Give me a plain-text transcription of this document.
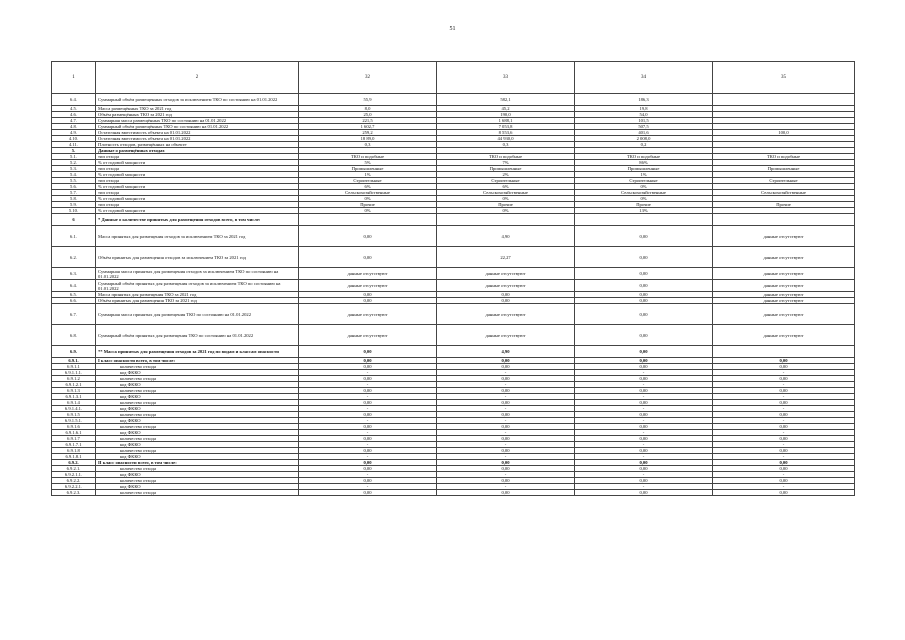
51
1	2	32	33	34	35
6.4.	Суммарный объём размещенных отходов за исключением ТКО по состоянию на 01.01.2022	55,9	582,1	186,3	
4.5.	Масса размещённых ТКО за 2021 год	8,0	45,2	19,8	
4.6.	Объём размещённых ТКО за 2021 год	25,0	190,0	54,0	
4.7.	Суммарная масса размещённых ТКО по состоянию на 01.01.2022	221,5	1 688,1	101,5	
4.8.	Суммарный объём размещённых ТКО по состоянию на 01.01.2022	1 602,7	7 053,8	507,5	
4.9.	Остаточная вместимость объекта на 01.01.2022	259,2	8 553,6	401,6	100,0
4.10.	Остаточная вместимость объекта на 01.01.2022	18 89,0	44 930,0	2 008,0	
4.11.	Плотность отходов, размещённых на объекте	0,3	0,3	0,2	
5.	Данные о размещённых отходах				
5.1.	тип отхода	ТКО и подобные	ТКО и подобные	ТКО и подобные	ТКО и подобные
5.2.	% от годовой мощности	5%	7%	86%	
5.3.	тип отхода	Промышленные	Промышленные	Промышленные	Промышленные
5.4.	% от годовой мощности	1%	2%	1%	
5.5.	тип отхода	Строительные	Строительные	Строительные	Строительные
5.6.	% от годовой мощности	6%	6%	0%	
5.7.	тип отхода	Сельскохозяйственные	Сельскохозяйственные	Сельскохозяйственные	Сельскохозяйственные
5.8.	% от годовой мощности	0%	0%	0%	
5.9.	тип отхода	Прочие	Прочие	Прочие	Прочие
5.10.	% от годовой мощности	0%	0%	13%	
6	* Данные о количестве принятых для размещения отходов всего, в том числе:				
6.1.	Масса принятых для размещения отходов за исключением ТКО за 2021 год	0,00	4,90	0,00	данные отсутствуют
6.2.	Объём принятых для размещения отходов за исключением ТКО за 2021 год	0,00	22,27	0,00	данные отсутствуют
6.3.	Суммарная масса принятых для размещения отходов за исключением ТКО по состоянию на 01.01.2022	данные отсутствуют	данные отсутствуют	0,00	данные отсутствуют
6.4.	Суммарный объём принятых для размещения отходов за исключением ТКО по состоянию на 01.01.2022	данные отсутствуют	данные отсутствуют	0,00	данные отсутствуют
6.5.	Масса принятых для размещения ТКО за 2021 год	0,00	0,00	0,00	данные отсутствуют
6.6.	Объём принятых для размещения ТКО за 2021 год	0,00	0,00	0,00	данные отсутствуют
6.7.	Суммарная масса принятых для размещения ТКО по состоянию на 01.01.2022	данные отсутствуют	данные отсутствуют	0,00	данные отсутствуют
6.8.	Суммарный объём принятых для размещения ТКО по состоянию на 01.01.2022	данные отсутствуют	данные отсутствуют	0,00	данные отсутствуют
6.9.	** Масса принятых для размещения отходов за 2021 год по видам и классам опасности	0,00	4,90	0,00	
6.9.1.	I класс опасности всего, в том числе:	0,00	0,00	0,00	0,00
6.9.1.1	количество отхода	0,00	0,00	0,00	0,00
6.9.1.1.1.	код ФККО	-	-	-	-
6.9.1.2	количество отхода	0,00	0,00	0,00	0,00
6.9.1.2.1	код ФККО	-	-	-	-
6.9.1.3	количество отхода	0,00	0,00	0,00	0,00
6.9.1.3.1	код ФККО	-	-	-	-
6.9.1.4	количество отхода	0,00	0,00	0,00	0,00
6.9.1.4.1.	код ФККО	-	-	-	-
6.9.1.5	количество отхода	0,00	0,00	0,00	0,00
6.9.1.5.1.	код ФККО	-	-	-	-
6.9.1.6	количество отхода	0,00	0,00	0,00	0,00
6.9.1.6.1	код ФККО	-	-	-	-
6.9.1.7	количество отхода	0,00	0,00	0,00	0,00
6.9.1.7.1	код ФККО	-	-	-	-
6.9.1.8	количество отхода	0,00	0,00	0,00	0,00
6.9.1.8.1	код ФККО	-	-	-	-
6.9.2.	II класс опасности всего, в том числе:	0,00	0,00	0,00	0,00
6.9.2.1.	количество отхода	0,00	0,00	0,00	0,00
6.9.2.1.1.	код ФККО	-	-	-	-
6.9.2.2.	количество отхода	0,00	0,00	0,00	0,00
6.9.2.2.1.	код ФККО	-	-	-	-
6.9.2.3.	количество отхода	0,00	0,00	0,00	0,00
